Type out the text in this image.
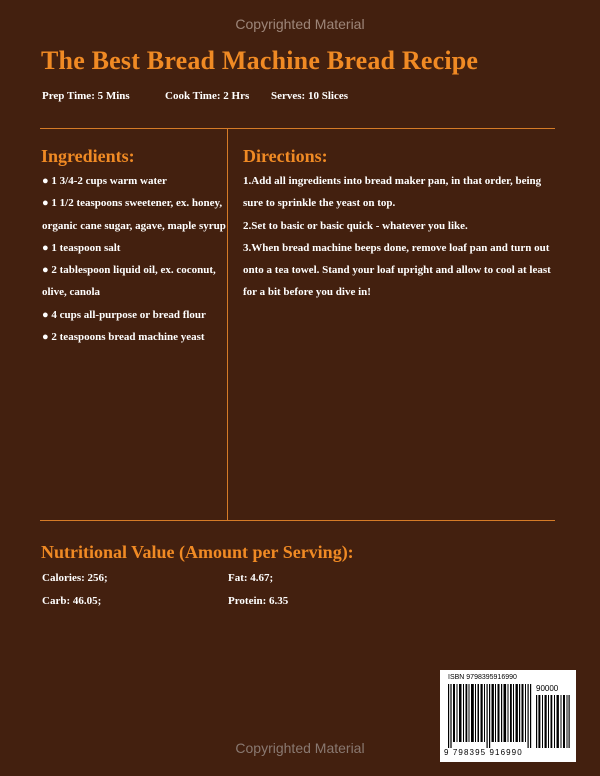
Copyrighted Material
The Best Bread Machine Bread Recipe
Prep Time: 5 Mins	Cook Time: 2 Hrs Serves: 10 Slices
Ingredients:

● 1 3/4-2 cups warm water

● 1 1/2 teaspoons sweetener, ex. honey, organic cane sugar, agave, maple syrup

● 1 teaspoon salt

● 2 tablespoon liquid oil, ex. coconut, olive, canola

● 4 cups all-purpose or bread flour

● 2 teaspoons bread machine yeast

Directions:

1.Add all ingredients into bread maker pan, in that order, being sure to sprinkle the yeast on top.

2.Set to basic or basic quick - whatever you like.

3.When bread machine beeps done, remove loaf pan and turn out onto a tea towel. Stand your loaf upright and allow to cool at least for a bit before you dive in!

Nutritional Value (Amount per Serving):
Calories: 256;	Fat: 4.67;
Carb: 46.05;	Protein: 6.35
ISBN 9798395916990
90000
9 798395 916990
Copyrighted Material
